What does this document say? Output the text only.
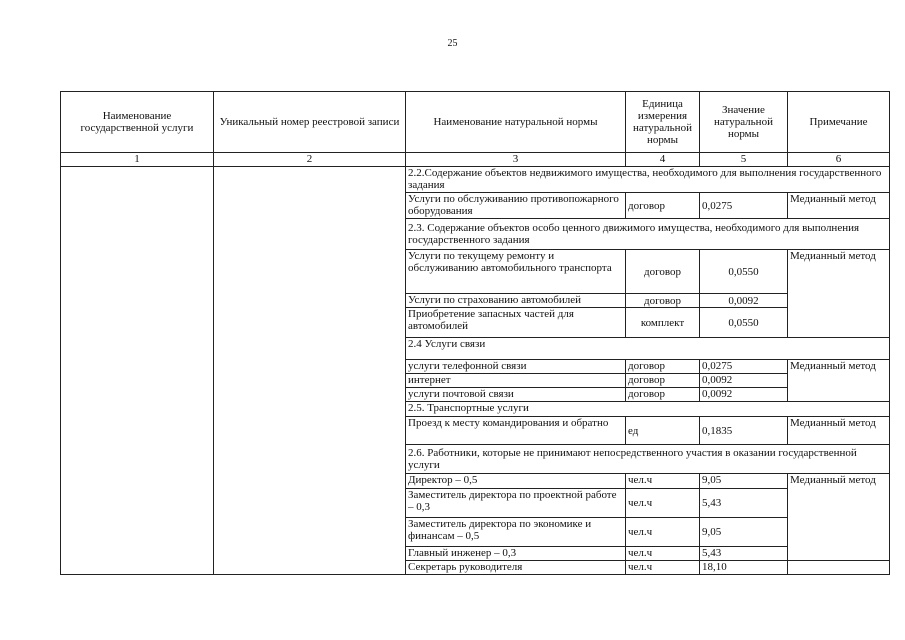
25
Наименование государственной услуги	Уникальный номер реестровой записи	Наименование натуральной нормы	Единица измерения натуральной нормы	Значение натуральной нормы	Примечание
1	2	3	4	5	6
		2.2.Содержание объектов недвижимого имущества, необходимого для выполнения государственного задания			
		Услуги по обслуживанию противопожарного оборудования	договор	0,0275	Медианный метод
		2.3. Содержание объектов особо ценного движимого имущества, необходимого для выполнения государственного задания			
		Услуги по текущему ремонту и обслуживанию автомобильного транспорта	договор	0,0550	Медианный метод
		Услуги по страхованию автомобилей	договор	0,0092	
		Приобретение запасных частей для автомобилей	комплект	0,0550	
		2.4 Услуги связи			
		услуги телефонной связи	договор	0,0275	Медианный метод
		интернет	договор	0,0092	
		услуги почтовой связи	договор	0,0092	
		2.5. Транспортные услуги			
		Проезд к месту командирования и обратно	ед	0,1835	Медианный метод
		2.6. Работники, которые не принимают непосредственного участия в оказании государственной услуги			
		Директор – 0,5	чел.ч	9,05	Медианный метод
		Заместитель директора по проектной работе – 0,3	чел.ч	5,43	
		Заместитель директора по экономике и финансам – 0,5	чел.ч	9,05	
		Главный инженер – 0,3	чел.ч	5,43	
		Секретарь руководителя	чел.ч	18,10	
